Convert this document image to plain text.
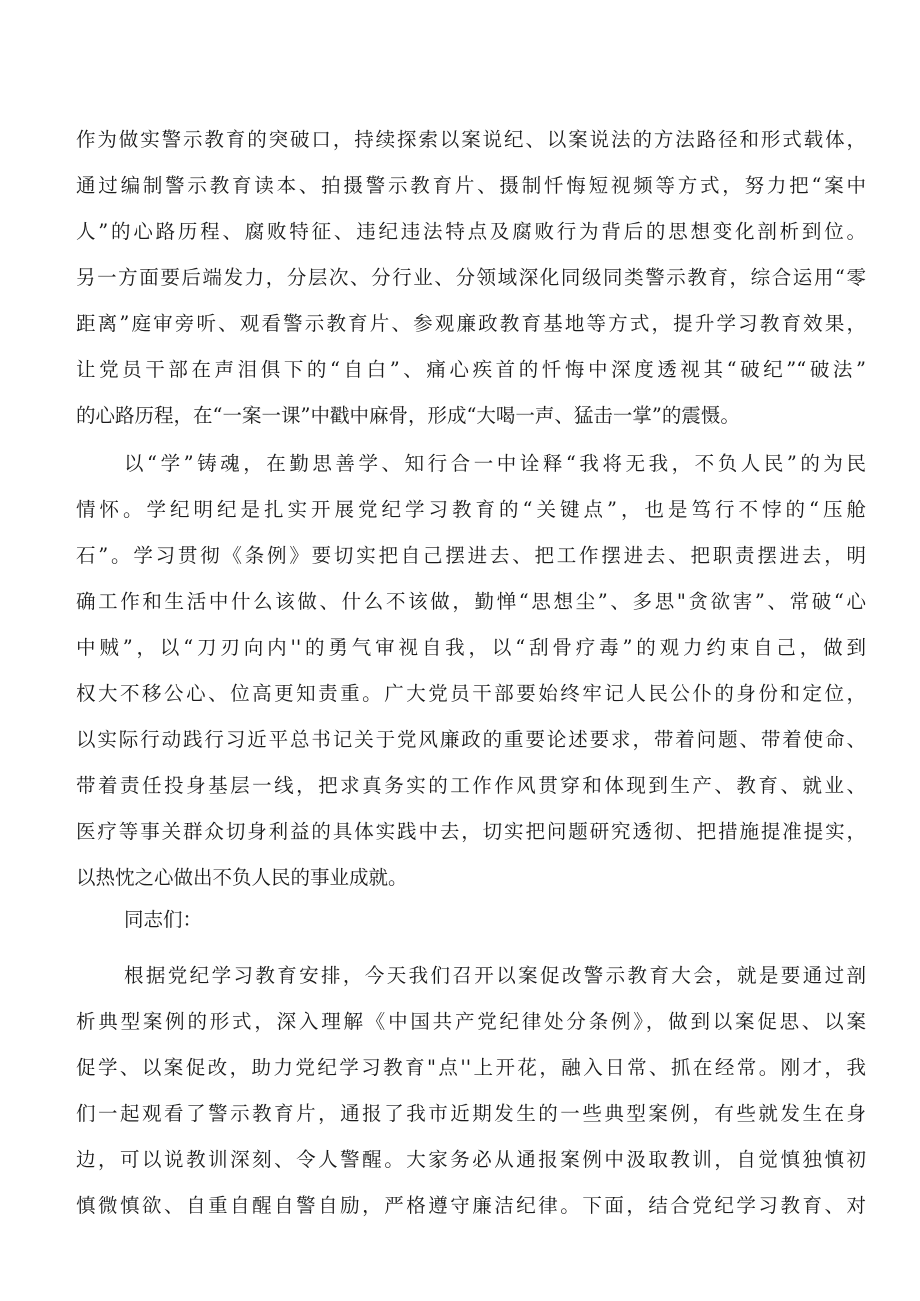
作为做实警示教育的突破口，持续探索以案说纪、以案说法的方法路径和形式载体，
通过编制警示教育读本、拍摄警示教育片、摄制忏悔短视频等方式，努力把“案中
人”的心路历程、腐败特征、违纪违法特点及腐败行为背后的思想变化剖析到位。
另一方面要后端发力，分层次、分行业、分领域深化同级同类警示教育，综合运用“零
距离”庭审旁听、观看警示教育片、参观廉政教育基地等方式，提升学习教育效果，
让党员干部在声泪俱下的“自白”、痛心疾首的忏悔中深度透视其“破纪”“破法”
的心路历程，在“一案一课”中戳中麻骨，形成“大喝一声、猛击一掌”的震慑。
以“学”铸魂，在勤思善学、知行合一中诠释“我将无我，不负人民”的为民
情怀。学纪明纪是扎实开展党纪学习教育的“关键点”，也是笃行不悖的“压舱
石”。学习贯彻《条例》要切实把自己摆进去、把工作摆进去、把职责摆进去，明
确工作和生活中什么该做、什么不该做，勤惮“思想尘”、多思"贪欲害”、常破“心
中贼”，以“刀刃向内''的勇气审视自我，以“刮骨疗毒”的观力约束自己，做到
权大不移公心、位高更知责重。广大党员干部要始终牢记人民公仆的身份和定位，
以实际行动践行习近平总书记关于党风廉政的重要论述要求，带着问题、带着使命、
带着责任投身基层一线，把求真务实的工作作风贯穿和体现到生产、教育、就业、
医疗等事关群众切身利益的具体实践中去，切实把问题研究透彻、把措施提准提实，
以热忱之心做出不负人民的事业成就。
同志们：
根据党纪学习教育安排，今天我们召开以案促改警示教育大会，就是要通过剖
析典型案例的形式，深入理解《中国共产党纪律处分条例》，做到以案促思、以案
促学、以案促改，助力党纪学习教育"点''上开花，融入日常、抓在经常。刚才，我
们一起观看了警示教育片，通报了我市近期发生的一些典型案例，有些就发生在身
边，可以说教训深刻、令人警醒。大家务必从通报案例中汲取教训，自觉慎独慎初
慎微慎欲、自重自醒自警自励，严格遵守廉洁纪律。下面，结合党纪学习教育、对
